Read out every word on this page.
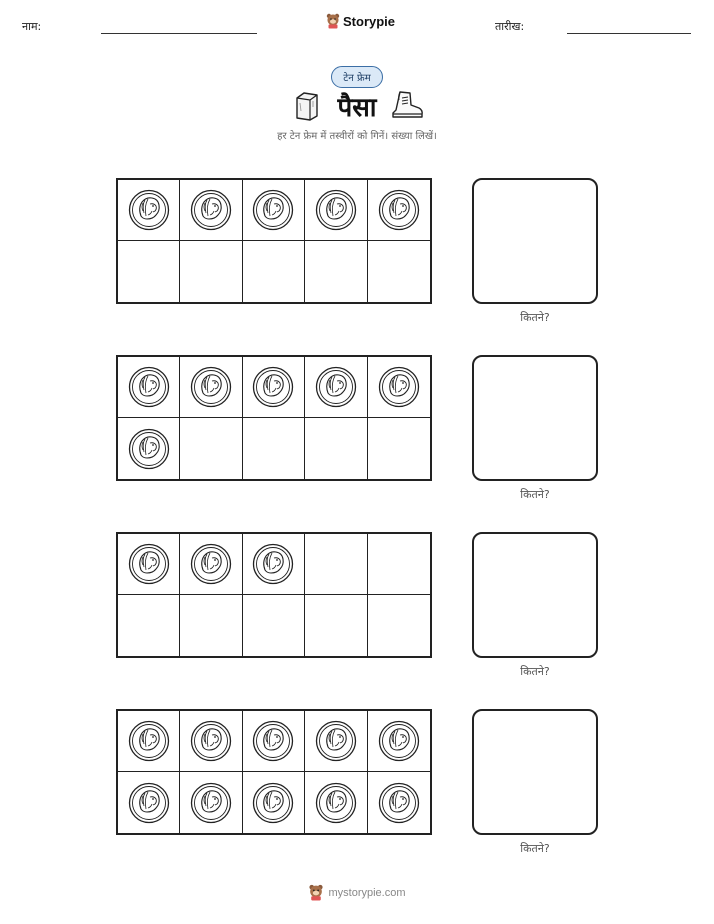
नाम:	Storypie	तारीख:
टेन फ्रेम
पैसा
हर टेन फ्रेम में तस्वीरों को गिनें। संख्या लिखें।
कितने?
कितने?
कितने?
कितने?
mystorypie.com
